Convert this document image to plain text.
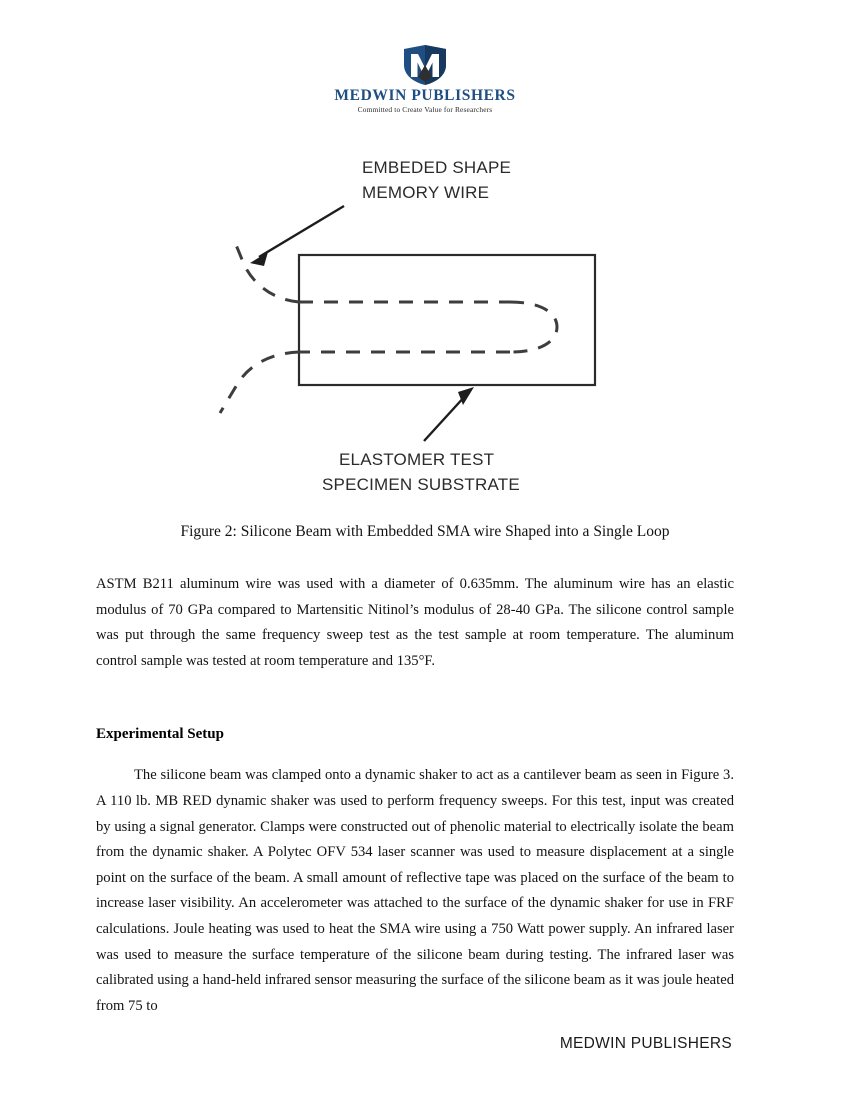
MEDWIN PUBLISHERS
Committed to Create Value for Researchers
EMBEDED SHAPE
MEMORY WIRE
ELASTOMER TEST
SPECIMEN SUBSTRATE
Figure 2: Silicone Beam with Embedded SMA wire Shaped into a Single Loop

ASTM B211 aluminum wire was used with a diameter of 0.635mm. The aluminum wire has an elastic modulus of 70 GPa compared to Martensitic Nitinol’s modulus of 28-40 GPa. The silicone control sample was put through the same frequency sweep test as the test sample at room temperature. The aluminum control sample was tested at room temperature and 135°F.

Experimental Setup

The silicone beam was clamped onto a dynamic shaker to act as a cantilever beam as seen in Figure 3. A 110 lb. MB RED dynamic shaker was used to perform frequency sweeps. For this test, input was created by using a signal generator. Clamps were constructed out of phenolic material to electrically isolate the beam from the dynamic shaker. A Polytec OFV 534 laser scanner was used to measure displacement at a single point on the surface of the beam. A small amount of reflective tape was placed on the surface of the beam to increase laser visibility. An accelerometer was attached to the surface of the dynamic shaker for use in FRF calculations. Joule heating was used to heat the SMA wire using a 750 Watt power supply. An infrared laser was used to measure the surface temperature of the silicone beam during testing. The infrared laser was calibrated using a hand-held infrared sensor measuring the surface of the silicone beam as it was joule heated from 75 to

MEDWIN PUBLISHERS
